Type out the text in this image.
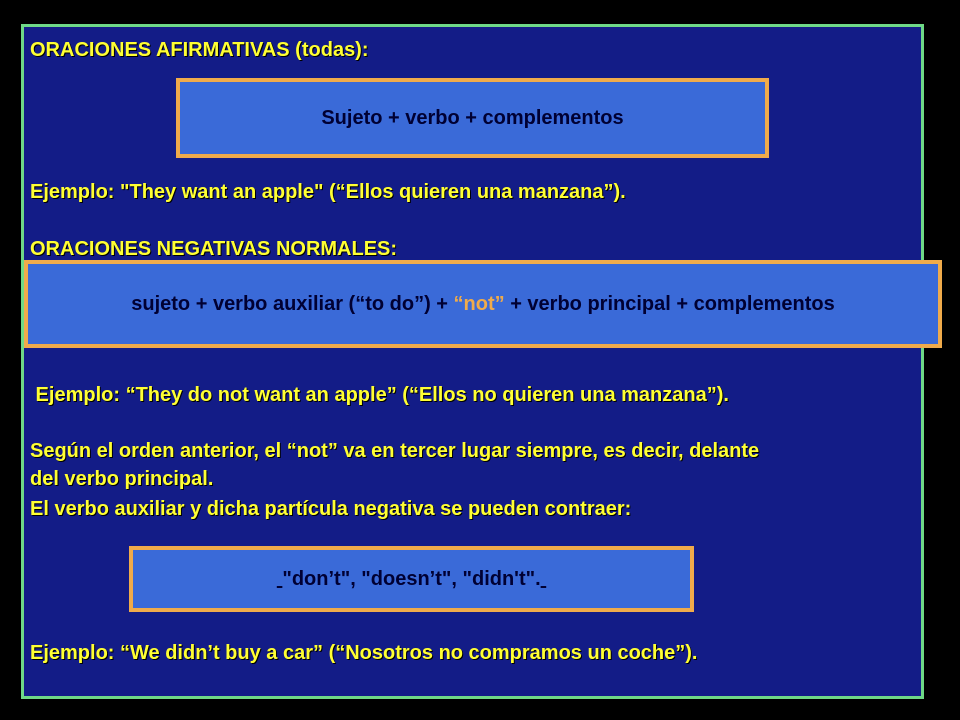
ORACIONES AFIRMATIVAS (todas):
Sujeto + verbo + complementos
Ejemplo: "They want an apple" (“Ellos quieren una manzana”).
ORACIONES NEGATIVAS NORMALES:
sujeto + verbo auxiliar (“to do”) + “not” + verbo principal + complementos
Ejemplo: “They do not want an apple” (“Ellos no quieren una manzana”).
Según el orden anterior, el “not” va en tercer lugar siempre, es decir, delante
del verbo principal.
El verbo auxiliar y dicha partícula negativa se pueden contraer:
"don’t", "doesn’t", "didn't".
Ejemplo: “We didn’t buy a car” (“Nosotros no compramos un coche”).
